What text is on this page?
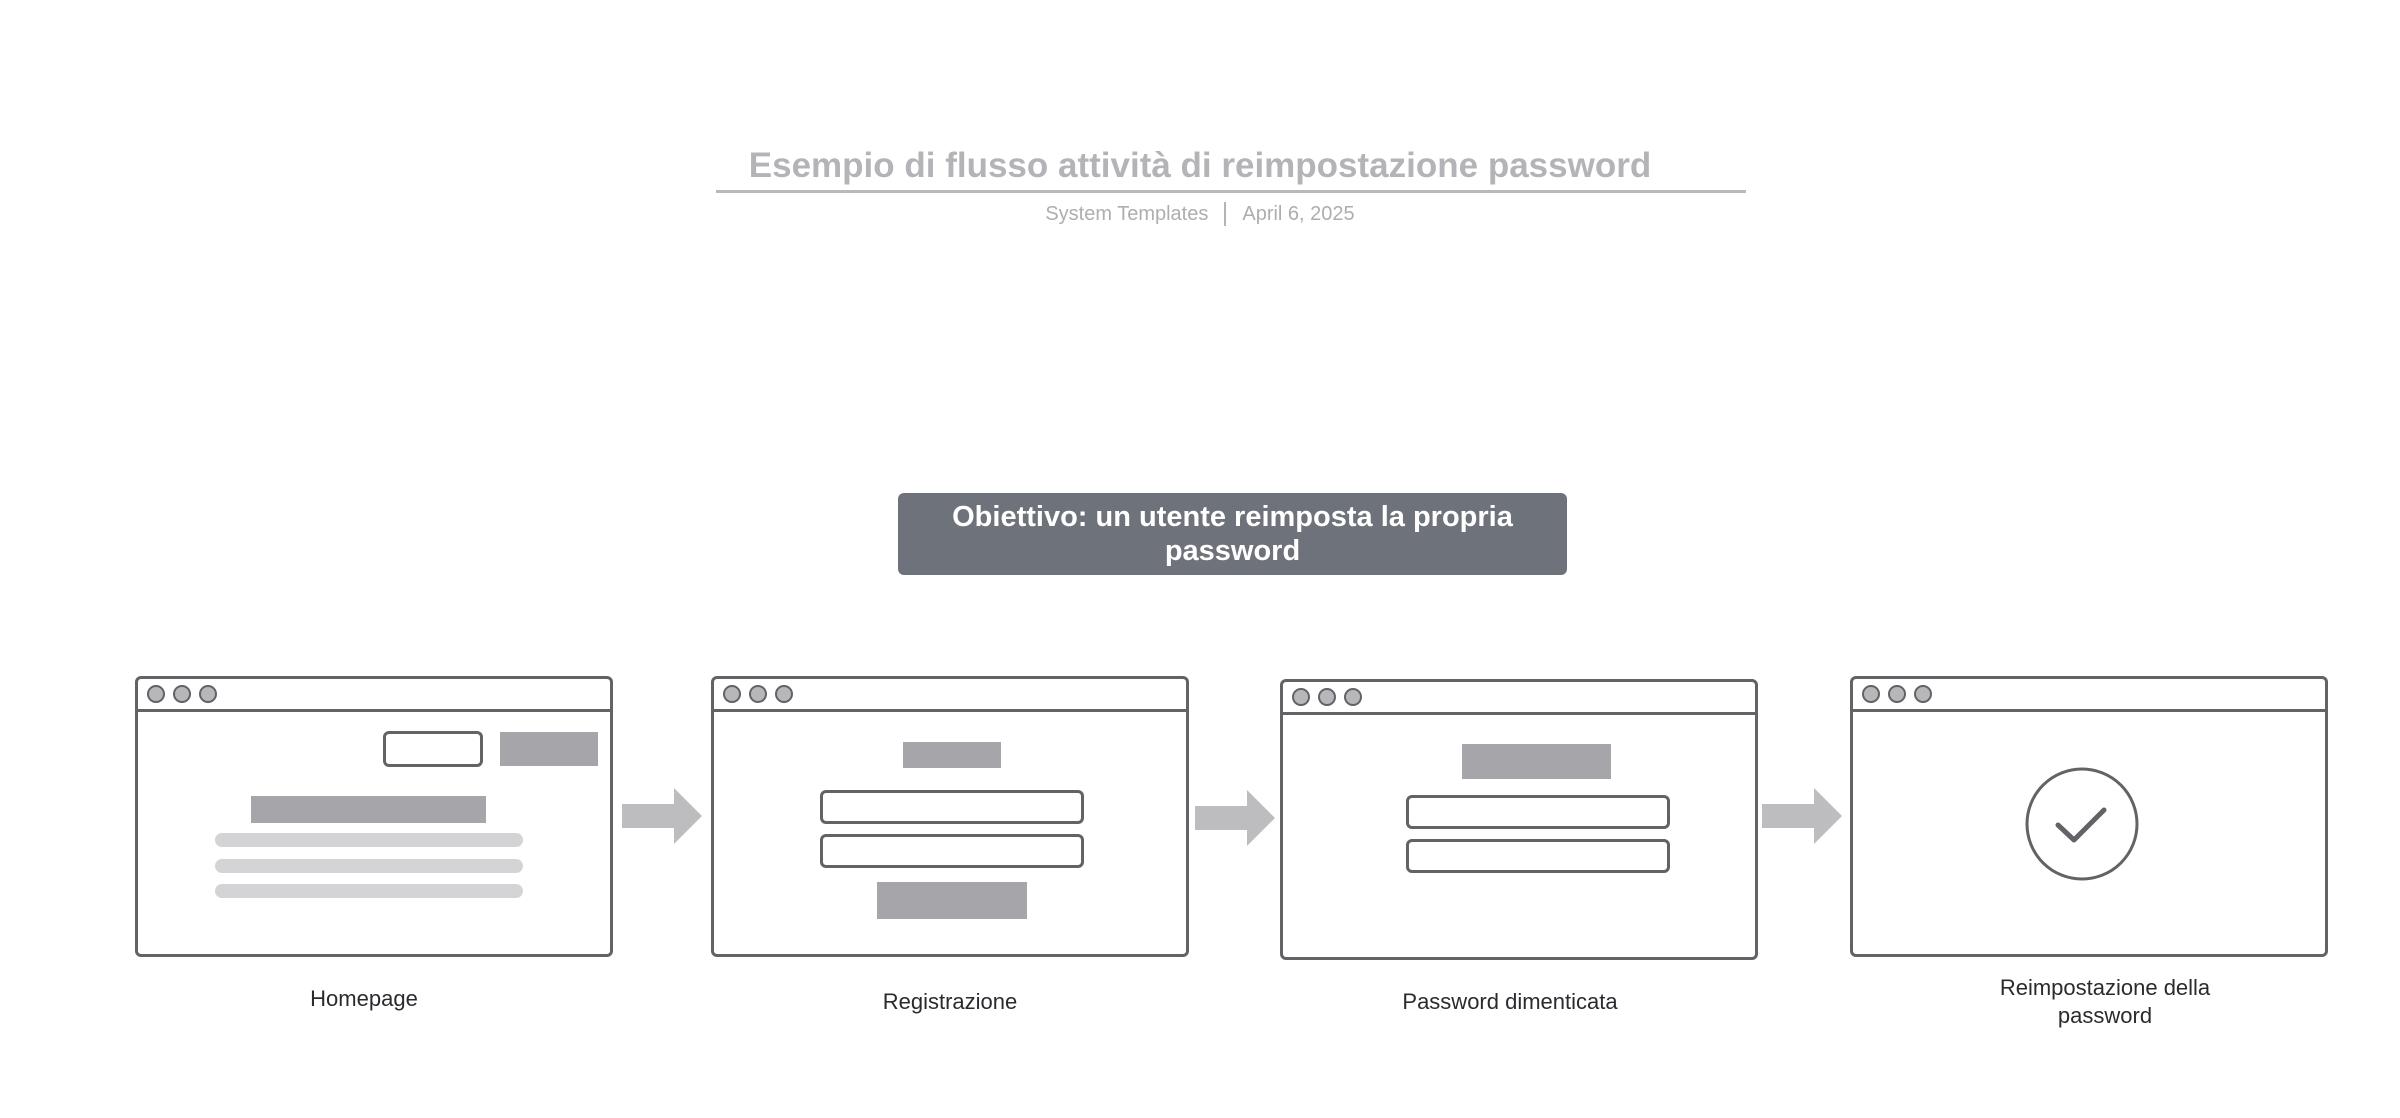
Esempio di flusso attività di reimpostazione password
System Templates April 6, 2025
Obiettivo: un utente reimposta la propria password
Homepage	Registrazione	Password dimenticata
Reimpostazione della password
